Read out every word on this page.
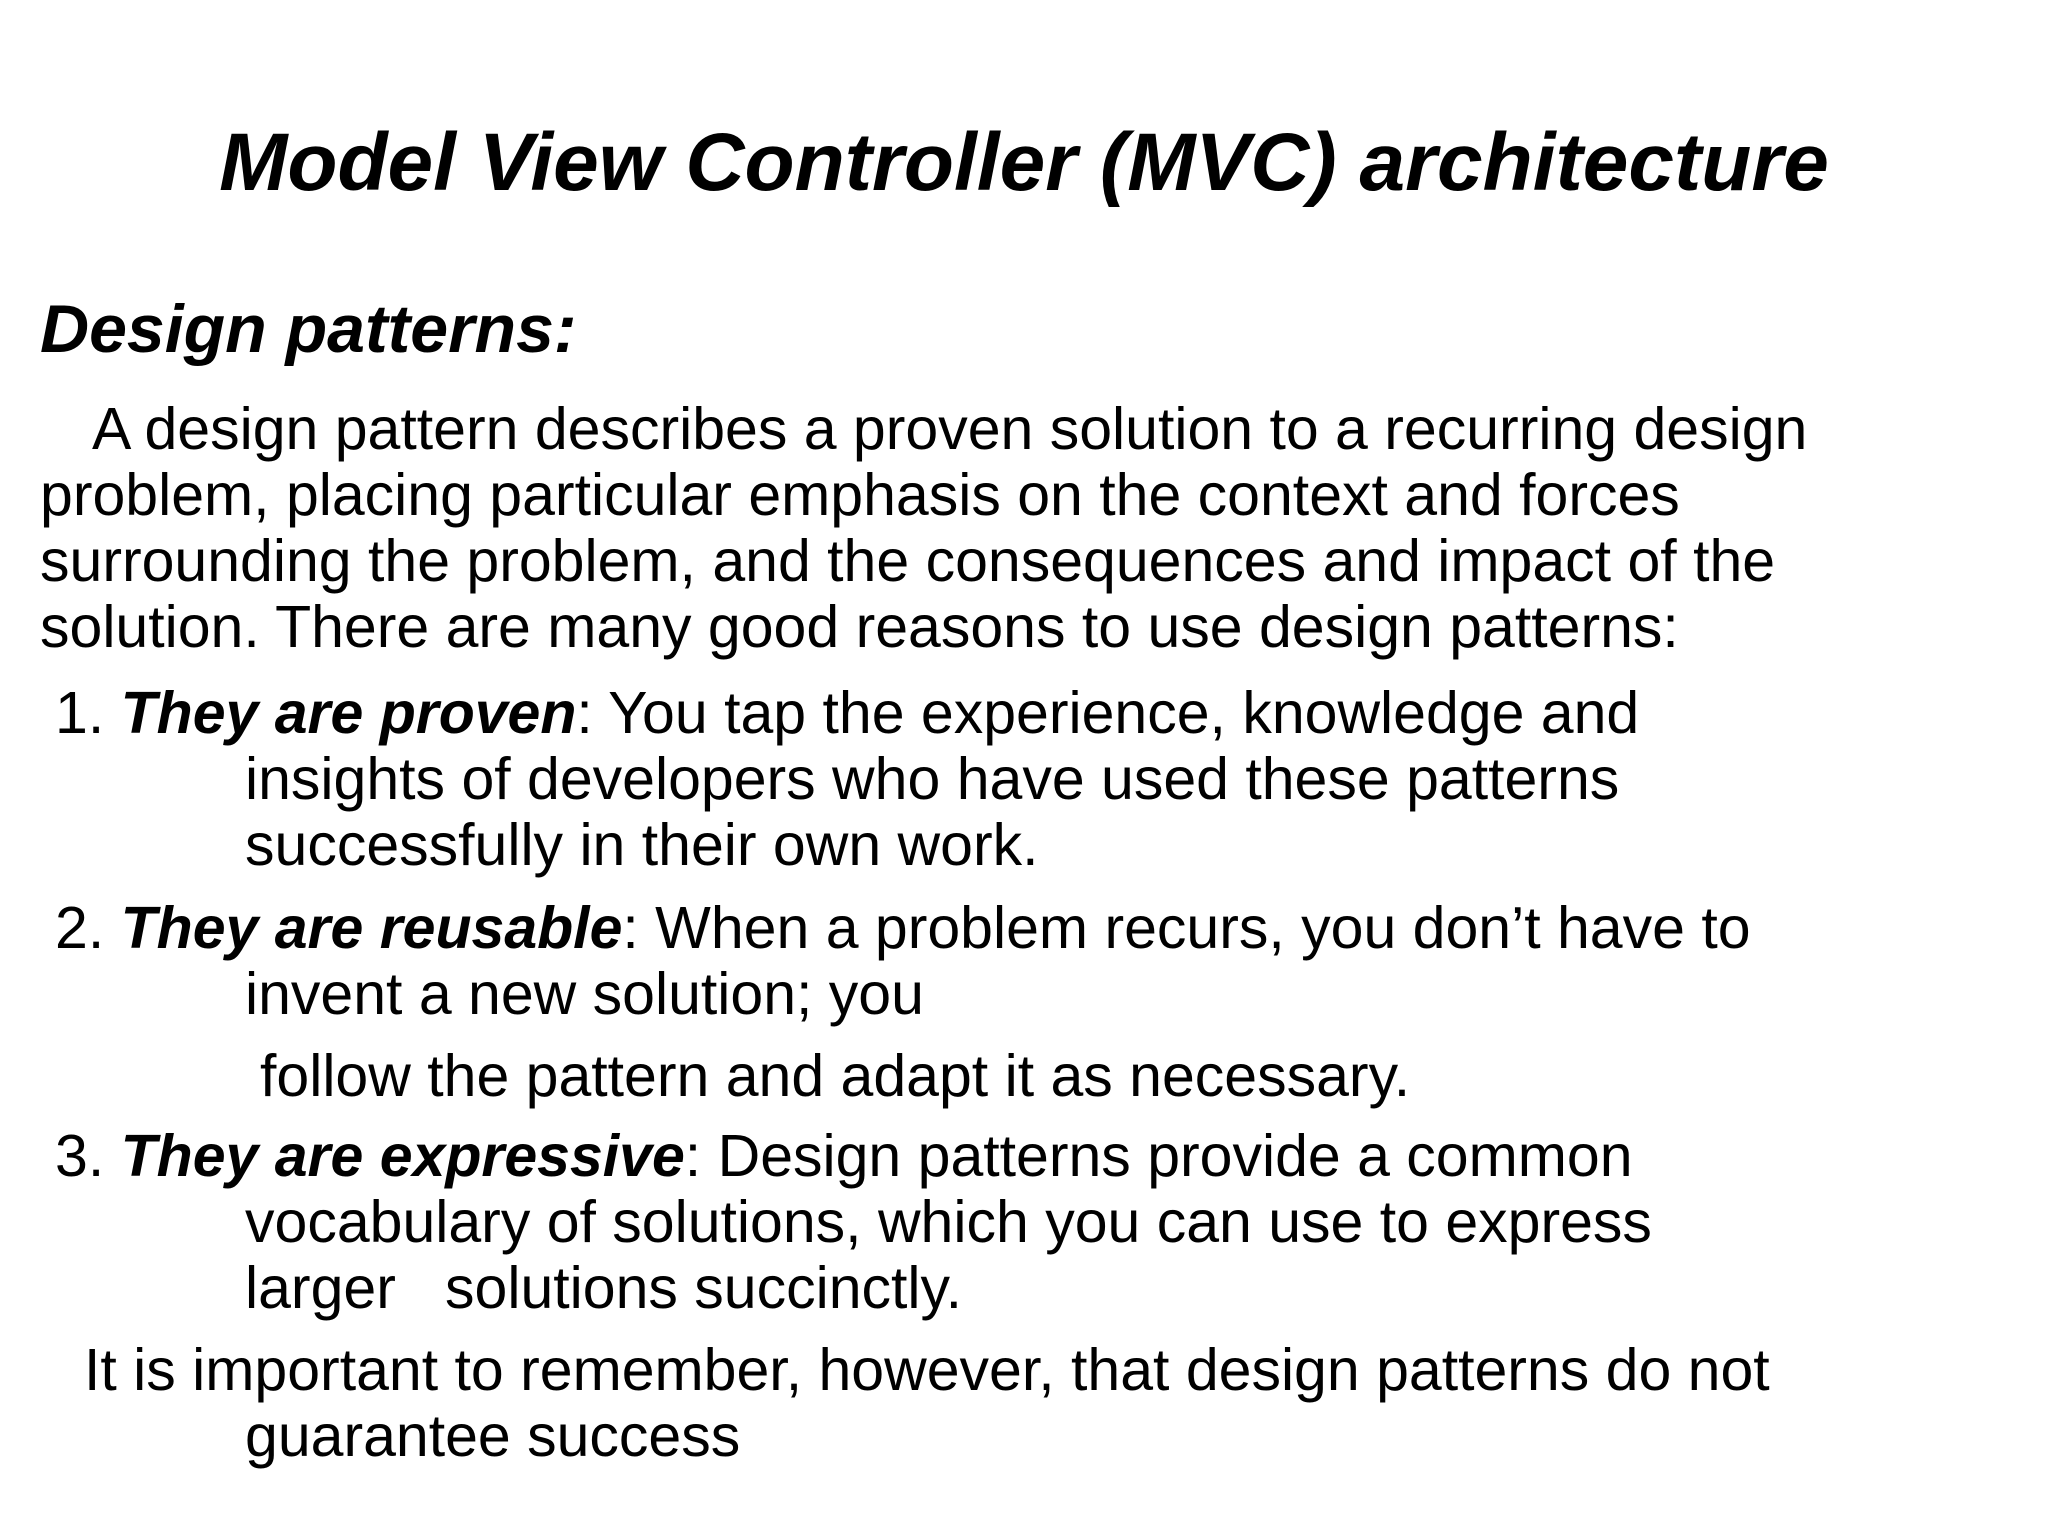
Model View Controller (MVC) architecture
Design patterns:
A design pattern describes a proven solution to a recurring design
problem, placing particular emphasis on the context and forces
surrounding the problem, and the consequences and impact of the
solution. There are many good reasons to use design patterns:
1. They are proven: You tap the experience, knowledge and
insights of developers who have used these patterns
successfully in their own work.
2. They are reusable: When a problem recurs, you don’t have to
invent a new solution; you
follow the pattern and adapt it as necessary.
3. They are expressive: Design patterns provide a common
vocabulary of solutions, which you can use to express
larger   solutions succinctly.
It is important to remember, however, that design patterns do not
guarantee success
